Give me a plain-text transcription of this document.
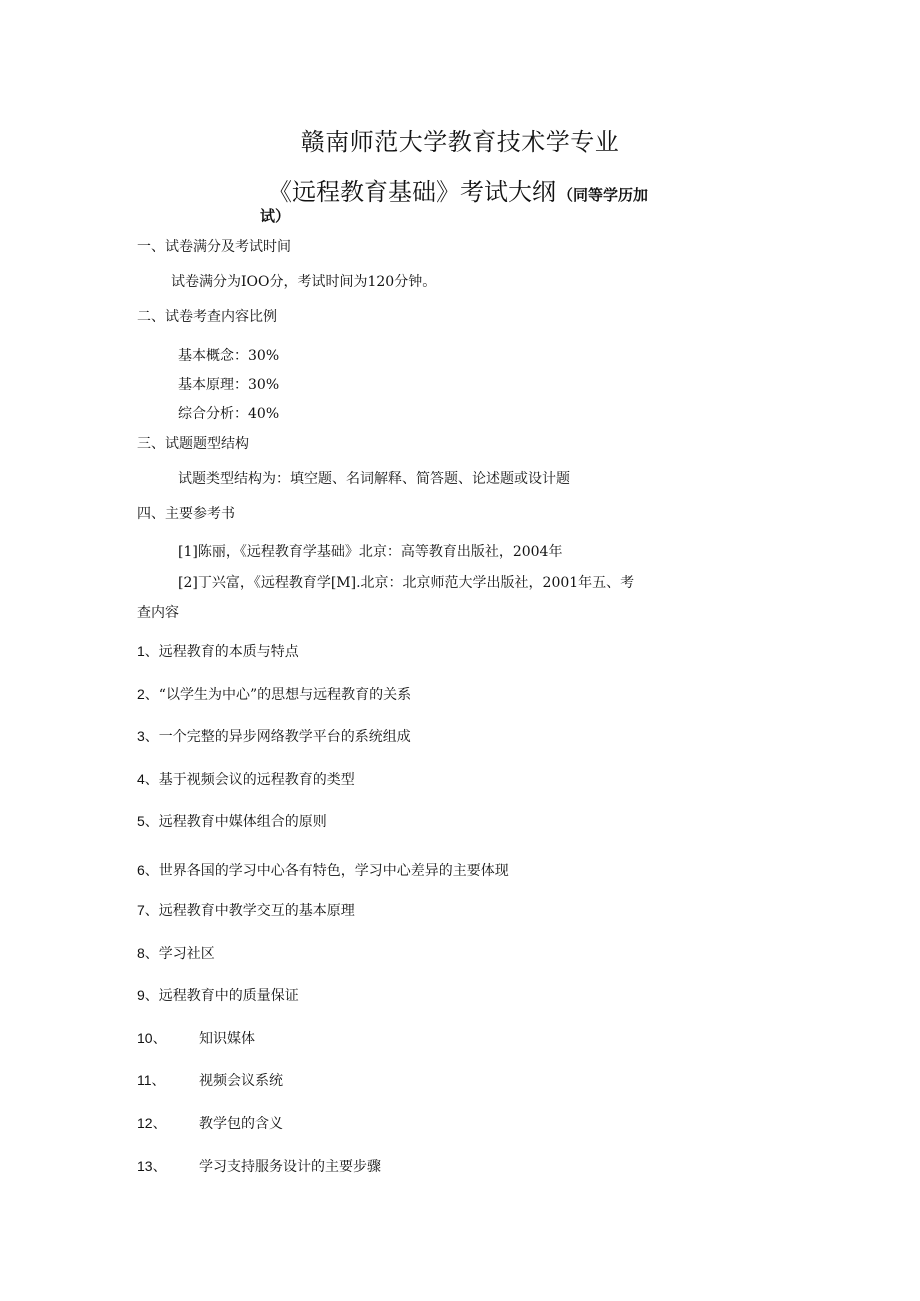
赣南师范大学教育技术学专业
《远程教育基础》考试大纲 （同等学历加
试）
一、试卷满分及考试时间
试卷满分为IOO分，考试时间为120分钟。
二、试卷考查内容比例
基本概念：30%
基本原理：30%
综合分析：40%
三、试题题型结构
试题类型结构为：填空题、名词解释、简答题、论述题或设计题
四、主要参考书
[1]陈丽，《远程教育学基础》北京：高等教育出版社，2004年
[2]丁兴富，《远程教育学[M].北京：北京师范大学出版社，2001年五、考
查内容
1、远程教育的本质与特点
2、“以学生为中心”的思想与远程教育的关系
3、一个完整的异步网络教学平台的系统组成
4、基于视频会议的远程教育的类型
5、远程教育中媒体组合的原则
6、世界各国的学习中心各有特色，学习中心差异的主要体现
7、远程教育中教学交互的基本原理
8、学习社区
9、远程教育中的质量保证
10、 知识媒体
11、 视频会议系统
12、 教学包的含义
13、 学习支持服务设计的主要步骤
